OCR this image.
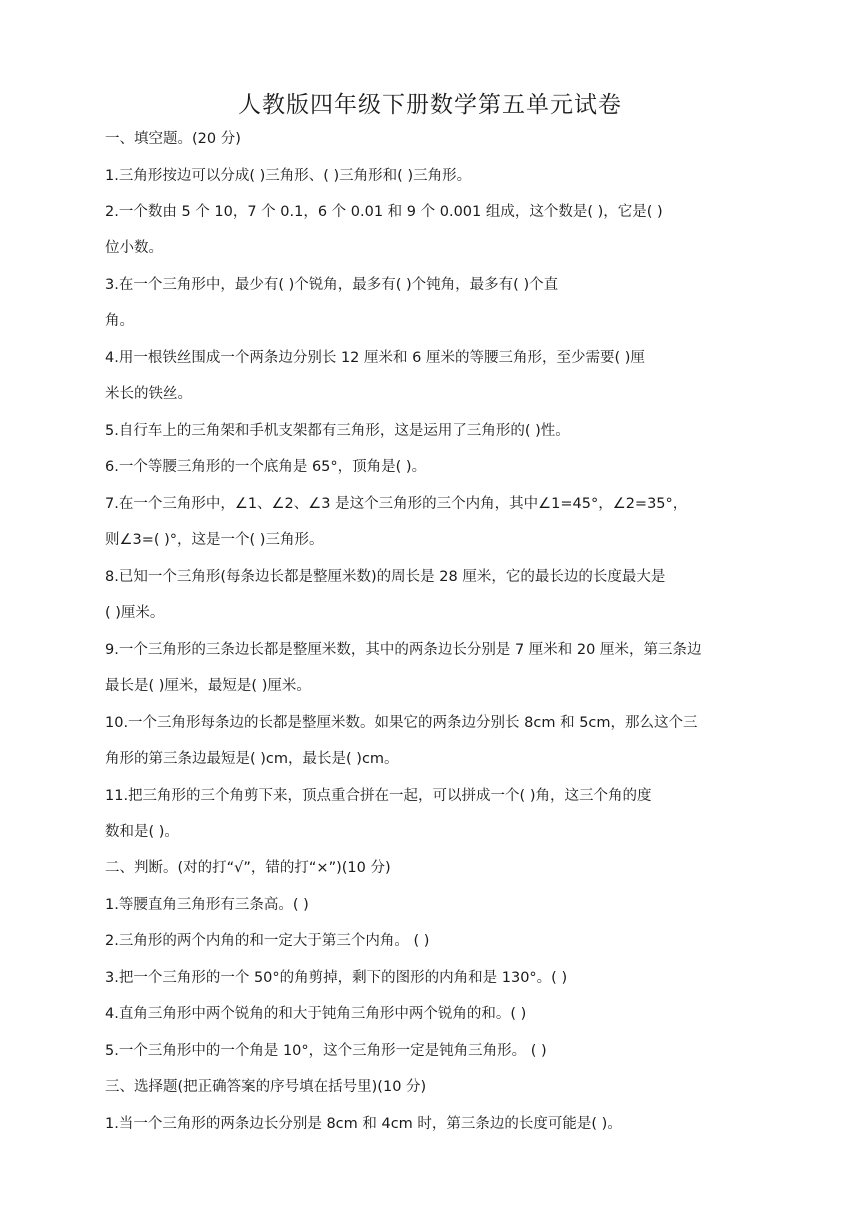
人教版四年级下册数学第五单元试卷
一、填空题。(20 分)
1.三角形按边可以分成( )三角形、( )三角形和( )三角形。
2.一个数由 5 个 10，7 个 0.1，6 个 0.01 和 9 个 0.001 组成，这个数是( )，它是( )
位小数。
3.在一个三角形中，最少有( )个锐角，最多有( )个钝角，最多有( )个直
角。
4.用一根铁丝围成一个两条边分别长 12 厘米和 6 厘米的等腰三角形，至少需要( )厘
米长的铁丝。
5.自行车上的三角架和手机支架都有三角形，这是运用了三角形的( )性。
6.一个等腰三角形的一个底角是 65°，顶角是( )。
7.在一个三角形中，∠1、∠2、∠3 是这个三角形的三个内角，其中∠1=45°，∠2=35°，
则∠3=( )°，这是一个( )三角形。
8.已知一个三角形(每条边长都是整厘米数)的周长是 28 厘米，它的最长边的长度最大是
( )厘米。
9.一个三角形的三条边长都是整厘米数，其中的两条边长分别是 7 厘米和 20 厘米，第三条边
最长是( )厘米，最短是( )厘米。
10.一个三角形每条边的长都是整厘米数。如果它的两条边分别长 8cm 和 5cm，那么这个三
角形的第三条边最短是( )cm，最长是( )cm。
11.把三角形的三个角剪下来，顶点重合拼在一起，可以拼成一个( )角，这三个角的度
数和是( )。
二、判断。(对的打“√”，错的打“×”)(10 分)
1.等腰直角三角形有三条高。( )
2.三角形的两个内角的和一定大于第三个内角。 ( )
3.把一个三角形的一个 50°的角剪掉，剩下的图形的内角和是 130°。( )
4.直角三角形中两个锐角的和大于钝角三角形中两个锐角的和。( )
5.一个三角形中的一个角是 10°，这个三角形一定是钝角三角形。 ( )
三、选择题(把正确答案的序号填在括号里)(10 分)
1.当一个三角形的两条边长分别是 8cm 和 4cm 时，第三条边的长度可能是( )。
